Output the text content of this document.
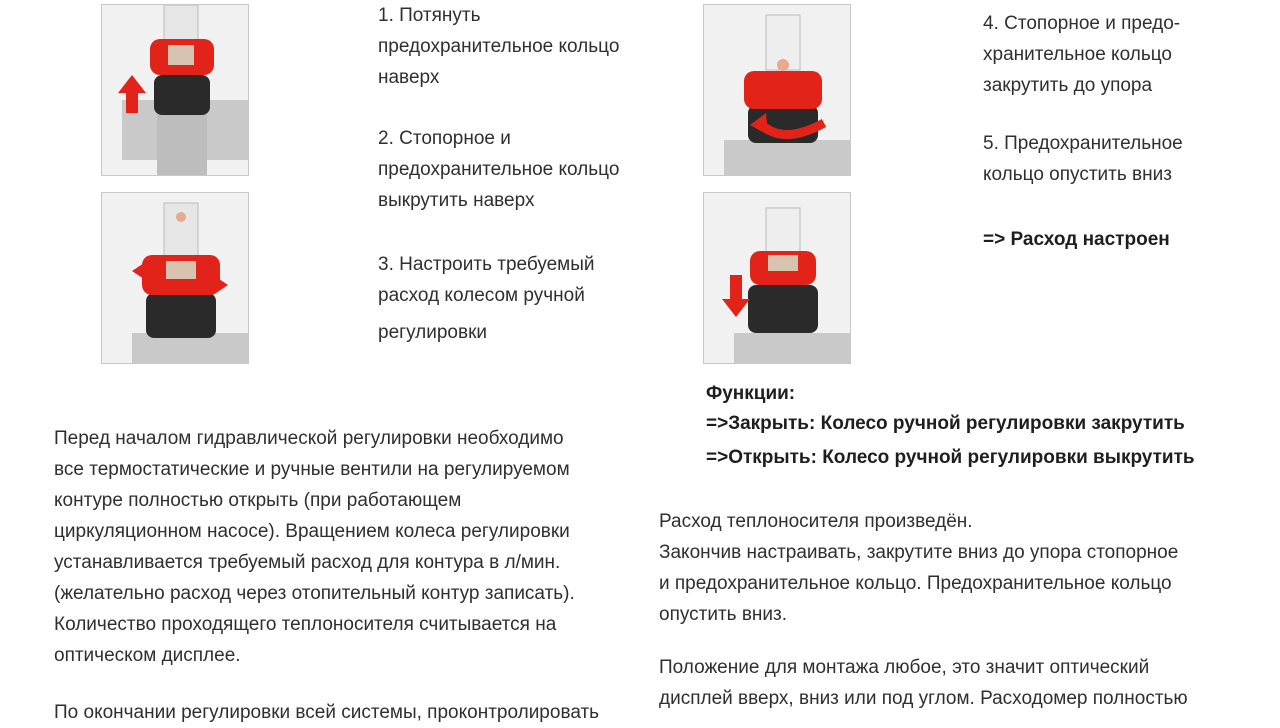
1. Потянуть
предохранительное кольцо
наверх
2. Стопорное и
предохранительное кольцо
выкрутить наверх
3. Настроить требуемый
расход колесом ручной
регулировки
4. Стопорное и предо-
хранительное кольцо
закрутить до упора
5. Предохранительное
кольцо опустить вниз
=> Расход настроен
Функции:
=>Закрыть: Колесо ручной регулировки закрутить
=>Открыть: Колесо ручной регулировки выкрутить
Перед началом гидравлической регулировки необходимо
все термостатические и ручные вентили на регулируемом
контуре полностью открыть (при работающем
циркуляционном насосе). Вращением колеса регулировки
устанавливается требуемый расход для контура в л/мин.
(желательно расход через отопительный контур записать).
Количество проходящего теплоносителя считывается на
оптическом дисплее.
По окончании регулировки всей системы, проконтролировать
Расход теплоносителя произведён.
Закончив настраивать, закрутите вниз до упора стопорное
и предохранительное кольцо. Предохранительное кольцо
опустить вниз.
Положение для монтажа любое, это значит оптический
дисплей вверх, вниз или под углом. Расходомер полностью
